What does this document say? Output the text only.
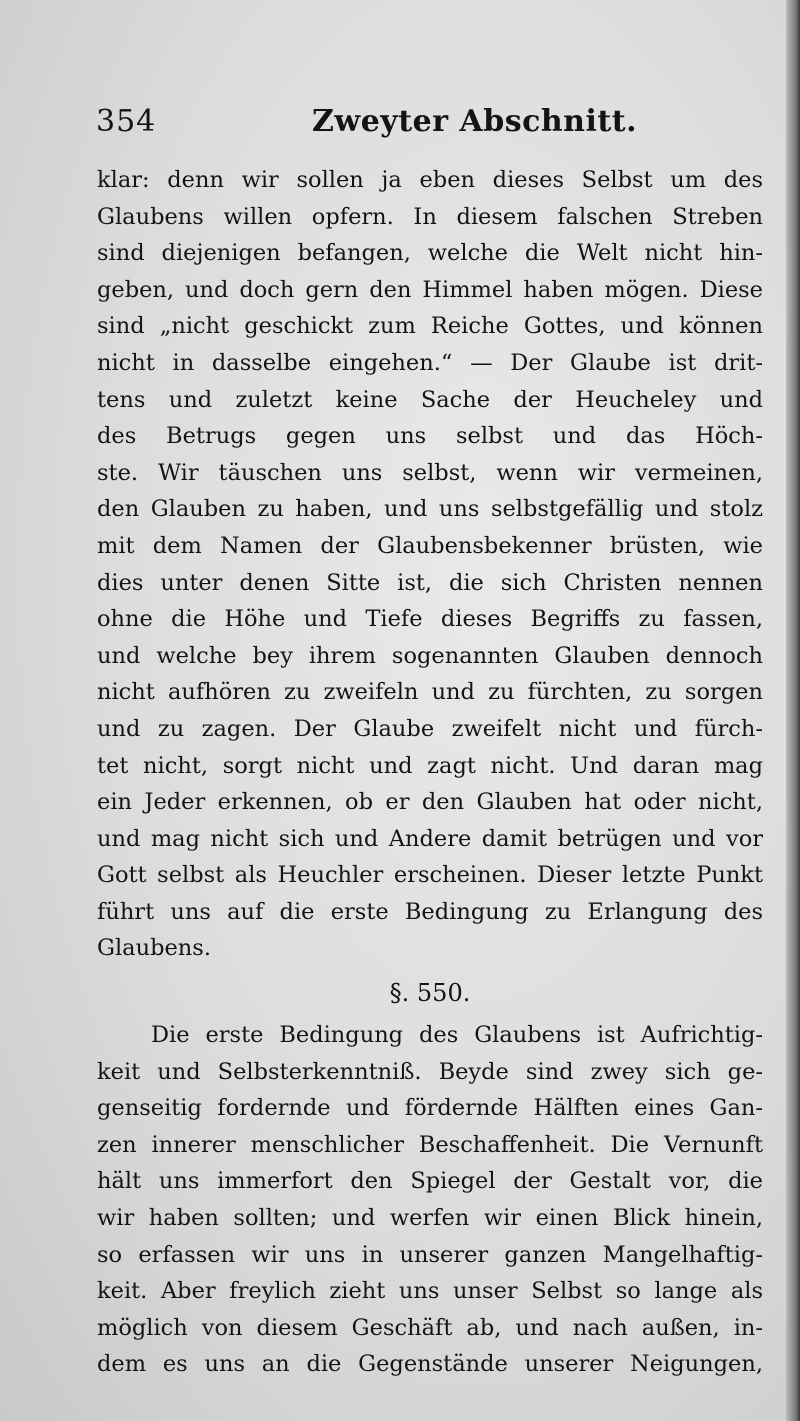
354	Zweyter Abschnitt.
klar: denn wir sollen ja eben dieses Selbst um des
Glaubens willen opfern. In diesem falschen Streben
sind diejenigen befangen, welche die Welt nicht hin-
geben, und doch gern den Himmel haben mögen. Diese
sind „nicht geschickt zum Reiche Gottes, und können
nicht in dasselbe eingehen.“ — Der Glaube ist drit-
tens und zuletzt keine Sache der Heucheley und
des Betrugs gegen uns selbst und das Höch-
ste. Wir täuschen uns selbst, wenn wir vermeinen,
den Glauben zu haben, und uns selbstgefällig und stolz
mit dem Namen der Glaubensbekenner brüsten, wie
dies unter denen Sitte ist, die sich Christen nennen
ohne die Höhe und Tiefe dieses Begriffs zu fassen,
und welche bey ihrem sogenannten Glauben dennoch
nicht aufhören zu zweifeln und zu fürchten, zu sorgen
und zu zagen. Der Glaube zweifelt nicht und fürch-
tet nicht, sorgt nicht und zagt nicht. Und daran mag
ein Jeder erkennen, ob er den Glauben hat oder nicht,
und mag nicht sich und Andere damit betrügen und vor
Gott selbst als Heuchler erscheinen. Dieser letzte Punkt
führt uns auf die erste Bedingung zu Erlangung des
Glaubens.
§. 550.
Die erste Bedingung des Glaubens ist Aufrichtig-
keit und Selbsterkenntniß. Beyde sind zwey sich ge-
genseitig fordernde und fördernde Hälften eines Gan-
zen innerer menschlicher Beschaffenheit. Die Vernunft
hält uns immerfort den Spiegel der Gestalt vor, die
wir haben sollten; und werfen wir einen Blick hinein,
so erfassen wir uns in unserer ganzen Mangelhaftig-
keit. Aber freylich zieht uns unser Selbst so lange als
möglich von diesem Geschäft ab, und nach außen, in-
dem es uns an die Gegenstände unserer Neigungen,
